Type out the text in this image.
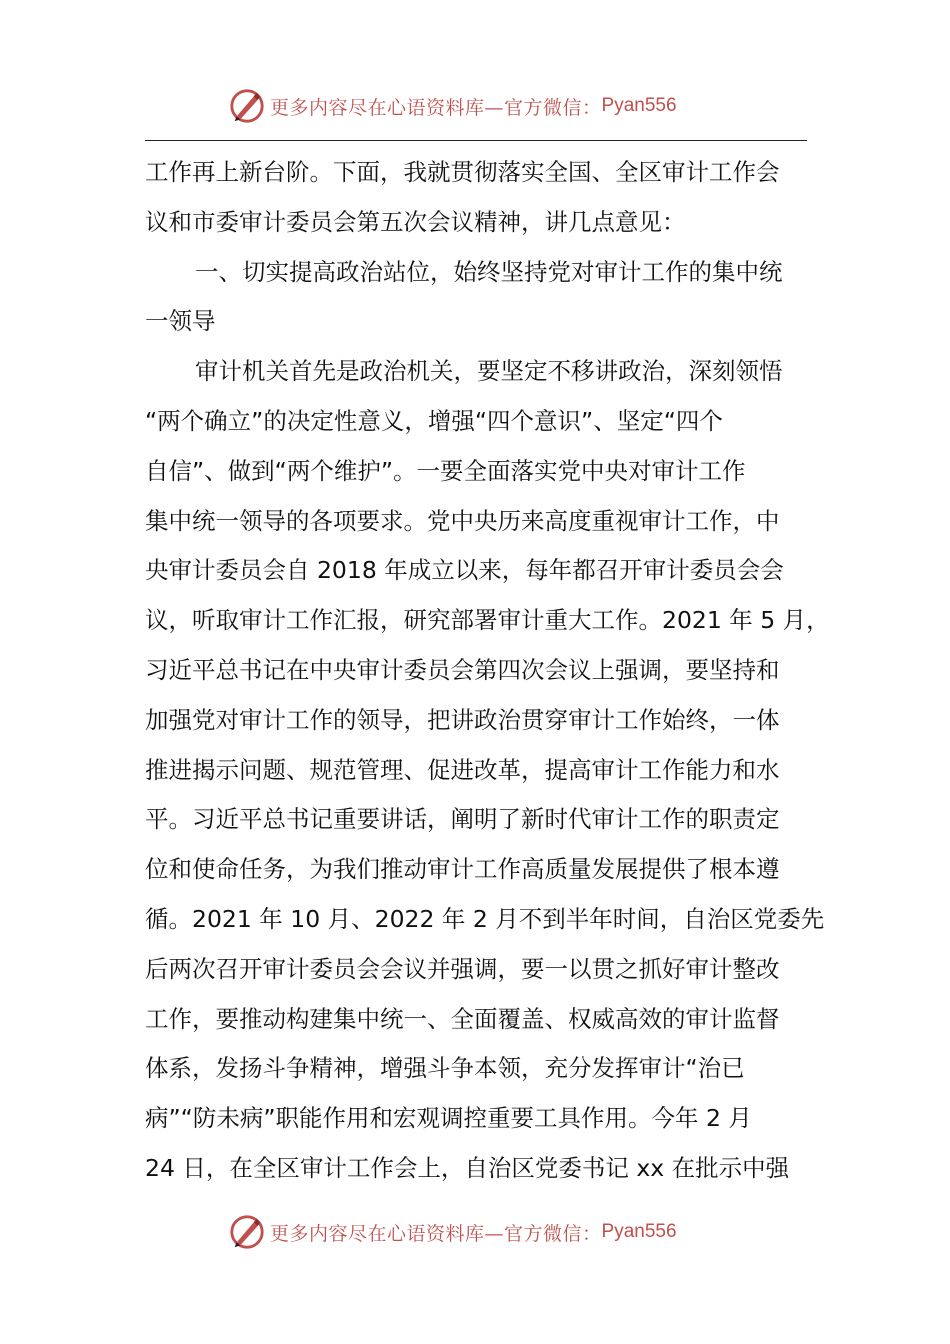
更多内容尽在心语资料库—官方微信： Pyan556
工作再上新台阶。下面，我就贯彻落实全国、全区审计工作会
议和市委审计委员会第五次会议精神，讲几点意见：
一、切实提高政治站位，始终坚持党对审计工作的集中统
一领导
审计机关首先是政治机关，要坚定不移讲政治，深刻领悟
“两个确立”的决定性意义，增强“四个意识”、坚定“四个
自信”、做到“两个维护”。一要全面落实党中央对审计工作
集中统一领导的各项要求。党中央历来高度重视审计工作，中
央审计委员会自 2018 年成立以来，每年都召开审计委员会会
议，听取审计工作汇报，研究部署审计重大工作。2021 年 5 月，
习近平总书记在中央审计委员会第四次会议上强调，要坚持和
加强党对审计工作的领导，把讲政治贯穿审计工作始终，一体
推进揭示问题、规范管理、促进改革，提高审计工作能力和水
平。习近平总书记重要讲话，阐明了新时代审计工作的职责定
位和使命任务，为我们推动审计工作高质量发展提供了根本遵
循。2021 年 10 月、2022 年 2 月不到半年时间，自治区党委先
后两次召开审计委员会会议并强调，要一以贯之抓好审计整改
工作，要推动构建集中统一、全面覆盖、权威高效的审计监督
体系，发扬斗争精神，增强斗争本领，充分发挥审计“治已
病”“防未病”职能作用和宏观调控重要工具作用。今年 2 月
24 日，在全区审计工作会上，自治区党委书记 xx 在批示中强
更多内容尽在心语资料库—官方微信： Pyan556
